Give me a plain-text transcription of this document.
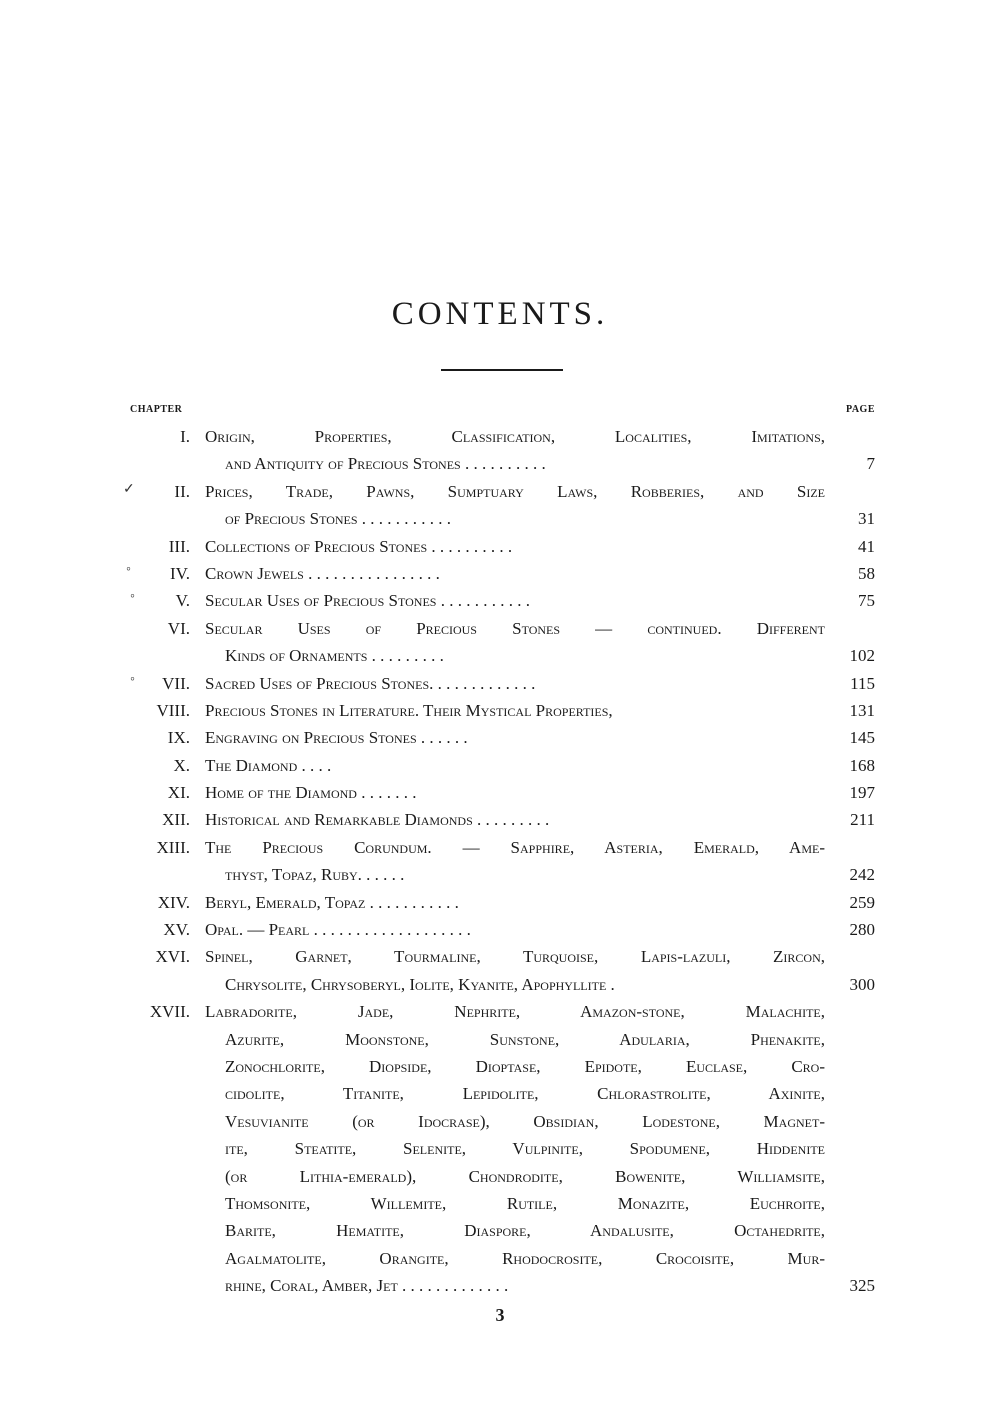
CONTENTS.
CHAPTER	PAGE
I. Origin, Properties, Classification, Localities, Imitations,
and Antiquity of Precious Stones . . . . . . . . . .	7
II. Prices, Trade, Pawns, Sumptuary Laws, Robberies, and Size
of Precious Stones . . . . . . . . . . .	31
III. Collections of Precious Stones . . . . . . . . . .	41
IV. Crown Jewels . . . . . . . . . . . . . . . .	58
V. Secular Uses of Precious Stones . . . . . . . . . . .	75
VI. Secular Uses of Precious Stones — continued. Different
Kinds of Ornaments . . . . . . . . .	102
VII. Sacred Uses of Precious Stones. . . . . . . . . . . . .	115
VIII. Precious Stones in Literature. Their Mystical Properties,	131
IX. Engraving on Precious Stones . . . . . .	145
X. The Diamond . . . .	168
XI. Home of the Diamond . . . . . . .	197
XII. Historical and Remarkable Diamonds . . . . . . . . .	211
XIII. The Precious Corundum. — Sapphire, Asteria, Emerald, Ame-
thyst, Topaz, Ruby. . . . . .	242
XIV. Beryl, Emerald, Topaz . . . . . . . . . . .	259
XV. Opal. — Pearl . . . . . . . . . . . . . . . . . . .	280
XVI. Spinel, Garnet, Tourmaline, Turquoise, Lapis-lazuli, Zircon,
Chrysolite, Chrysoberyl, Iolite, Kyanite, Apophyllite .	300
XVII. Labradorite, Jade, Nephrite, Amazon-stone, Malachite,
Azurite, Moonstone, Sunstone, Adularia, Phenakite,
Zonochlorite, Diopside, Dioptase, Epidote, Euclase, Cro-
cidolite, Titanite, Lepidolite, Chlorastrolite, Axinite,
Vesuvianite (or Idocrase), Obsidian, Lodestone, Magnet-
ite, Steatite, Selenite, Vulpinite, Spodumene, Hiddenite
(or Lithia-emerald), Chondrodite, Bowenite, Williamsite,
Thomsonite, Willemite, Rutile, Monazite, Euchroite,
Barite, Hematite, Diaspore, Andalusite, Octahedrite,
Agalmatolite, Orangite, Rhodocrosite, Crocoisite, Mur-
rhine, Coral, Amber, Jet . . . . . . . . . . . . .	325
3
✓
◦
◦
◦
